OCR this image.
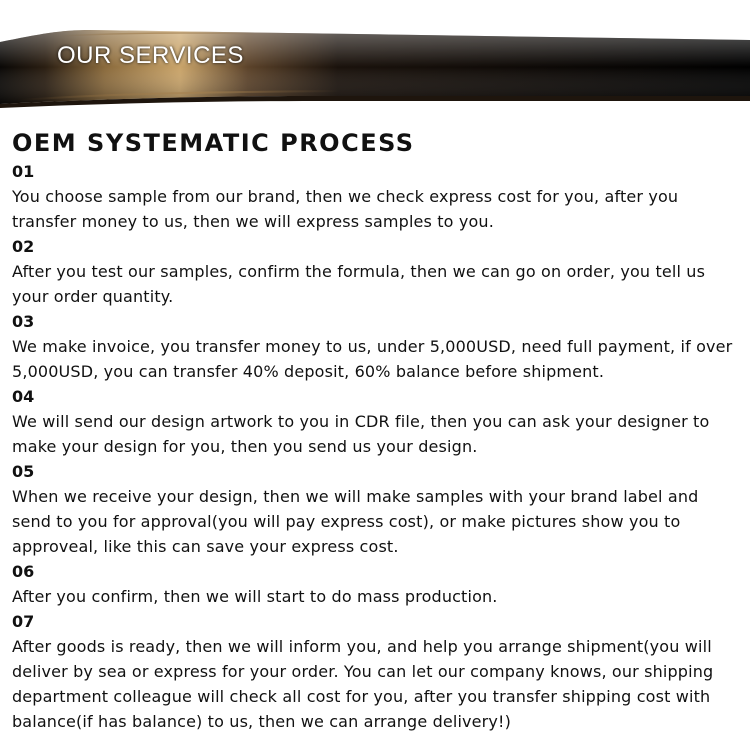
OUR SERVICES
OEM SYSTEMATIC PROCESS

01

You choose sample from our brand, then we check express cost for you, after you transfer money to us, then we will express samples to you.

02

After you test our samples, confirm the formula, then we can go on order, you tell us your order quantity.

03

We make invoice, you transfer money to us, under 5,000USD, need full payment, if over 5,000USD, you can transfer 40% deposit, 60% balance before shipment.

04

We will send our design artwork to you in CDR file, then you can ask your designer to make your design for you, then you send us your design.

05

When we receive your design, then we will make samples with your brand label and send to you for approval(you will pay express cost), or make pictures show you to approveal, like this can save your express cost.

06

After you confirm, then we will start to do mass production.

07

After goods is ready, then we will inform you, and help you arrange shipment(you will deliver by sea or express for your order. You can let our company knows, our shipping department colleague will check all cost for you, after you transfer shipping cost with balance(if has balance) to us, then we can arrange delivery!)
